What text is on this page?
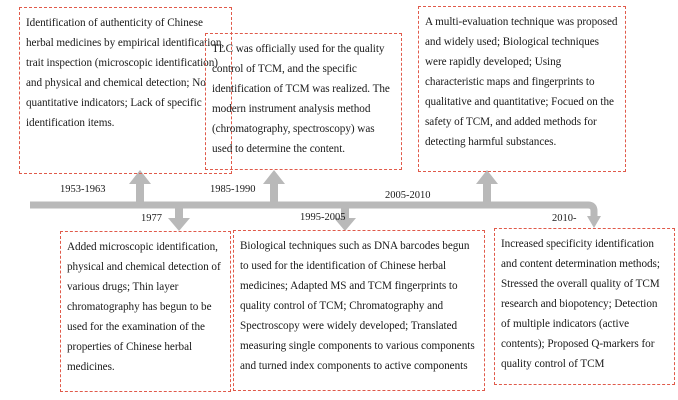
1953-1963
1977
1985-1990
1995-2005
2005-2010
2010-
Identification of authenticity of Chinese herbal medicines by empirical identification, trait inspection (microscopic identification) and physical and chemical detection; No quantitative indicators; Lack of specific identification items.
Added microscopic identification, physical and chemical detection of various drugs; Thin layer chromatography has begun to be used for the examination of the properties of Chinese herbal medicines.
TLC was officially used for the quality control of TCM, and the specific identification of TCM was realized. The modern instrument analysis method (chromatography, spectroscopy) was used to determine the content.
Biological techniques such as DNA barcodes begun to used for the identification of Chinese herbal medicines; Adapted MS and TCM fingerprints to quality control of TCM; Chromatography and Spectroscopy were widely developed; Translated measuring single components to various components and turned index components to active components
A multi-evaluation technique was proposed and widely used; Biological techniques were rapidly developed; Using characteristic maps and fingerprints to qualitative and quantitative; Focued on the safety of TCM, and added methods for detecting harmful substances.
Increased specificity identification and content determination methods; Stressed the overall quality of TCM research and biopotency; Detection of multiple indicators (active contents); Proposed Q-markers for quality control of TCM
